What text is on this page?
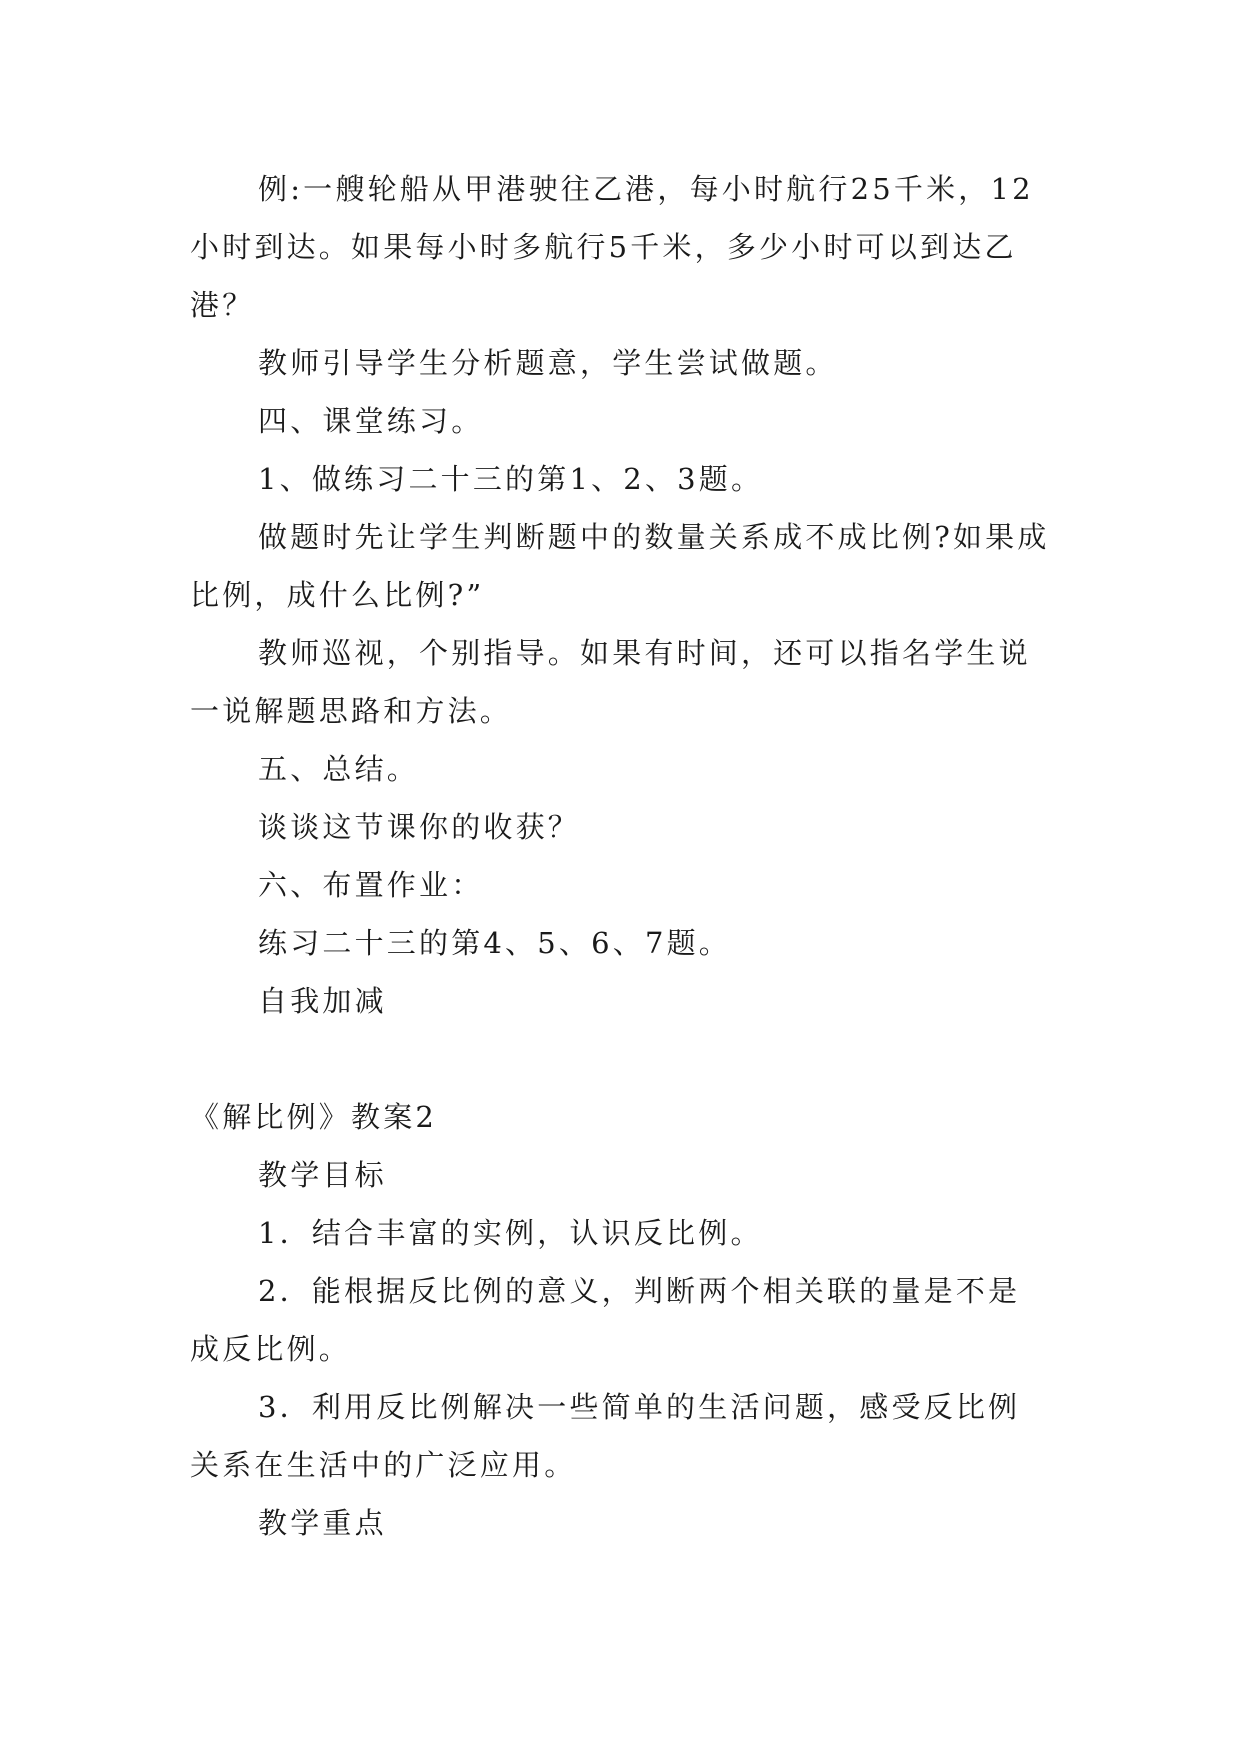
例:一艘轮船从甲港驶往乙港，每小时航行25千米，12小时到达。如果每小时多航行5千米，多少小时可以到达乙港？

教师引导学生分析题意，学生尝试做题。

四、课堂练习。

1、做练习二十三的第1、2、3题。

做题时先让学生判断题中的数量关系成不成比例?如果成比例，成什么比例?”

教师巡视，个别指导。如果有时间，还可以指名学生说一说解题思路和方法。

五、总结。

谈谈这节课你的收获？

六、布置作业：

练习二十三的第4、5、6、7题。

自我加减

《解比例》教案2

教学目标

1．结合丰富的实例，认识反比例。

2．能根据反比例的意义，判断两个相关联的量是不是成反比例。

3．利用反比例解决一些简单的生活问题，感受反比例关系在生活中的广泛应用。

教学重点
